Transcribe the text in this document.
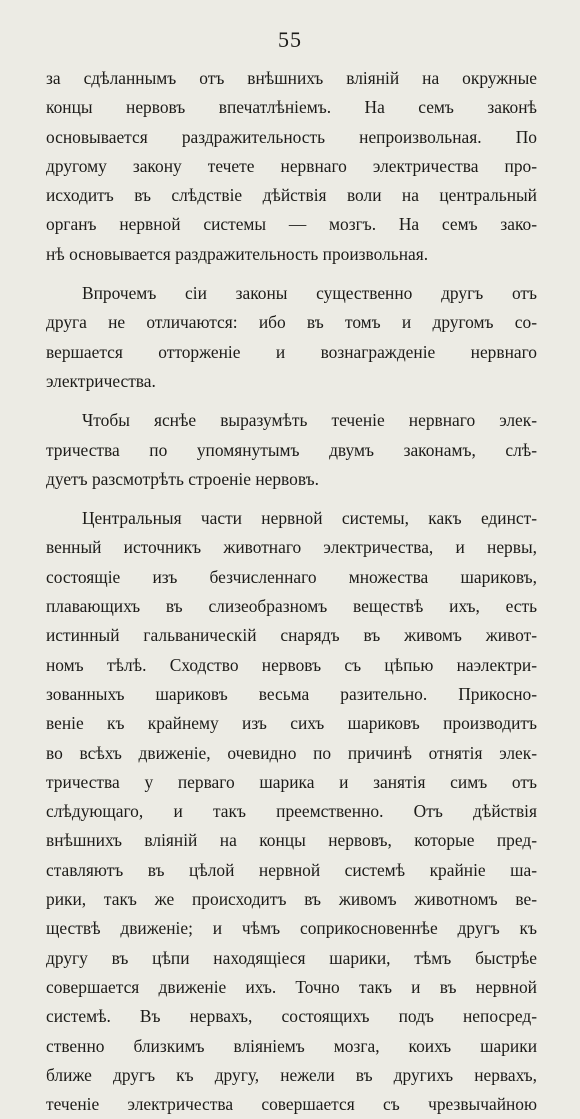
55
за сдѣланнымъ отъ внѣшнихъ вліяній на окружные
концы нервовъ впечатлѣніемъ. На семъ законѣ
основывается раздражительность непроизвольная. По
другому закону течете нервнаго электричества про-
исходитъ въ слѣдствіе дѣйствія воли на центральный
органъ нервной системы — мозгъ. На семъ зако-
нѣ основывается раздражительность произвольная.
Впрочемъ сіи законы существенно другъ отъ
друга не отличаются: ибо въ томъ и другомъ со-
вершается отторженіе и вознагражденіе нервнаго
электричества.
Чтобы яснѣе выразумѣть теченіе нервнаго элек-
тричества по упомянутымъ двумъ законамъ, слѣ-
дуетъ разсмотрѣть строеніе нервовъ.
Центральныя части нервной системы, какъ единст-
венный источникъ животнаго электричества, и нервы,
состоящіе изъ безчисленнаго множества шариковъ,
плавающихъ въ слизеобразномъ веществѣ ихъ, есть
истинный гальваническій снарядъ въ живомъ живот-
номъ тѣлѣ. Сходство нервовъ съ цѣпью наэлектри-
зованныхъ шариковъ весьма разительно. Прикосно-
веніе къ крайнему изъ сихъ шариковъ производитъ
во всѣхъ движеніе, очевидно по причинѣ отнятія элек-
тричества у перваго шарика и занятія симъ отъ
слѣдующаго, и такъ преемственно. Отъ дѣйствія
внѣшнихъ вліяній на концы нервовъ, которые пред-
ставляютъ въ цѣлой нервной системѣ крайніе ша-
рики, такъ же происходитъ въ живомъ животномъ ве-
ществѣ движеніе; и чѣмъ соприкосновеннѣе другъ къ
другу въ цѣпи находящіеся шарики, тѣмъ быстрѣе
совершается движеніе ихъ. Точно такъ и въ нервной
системѣ. Въ нервахъ, состоящихъ подъ непосред-
ственно близкимъ вліяніемъ мозга, коихъ шарики
ближе другъ къ другу, нежели въ другихъ нервахъ,
теченіе электричества совершается съ чрезвычайною
